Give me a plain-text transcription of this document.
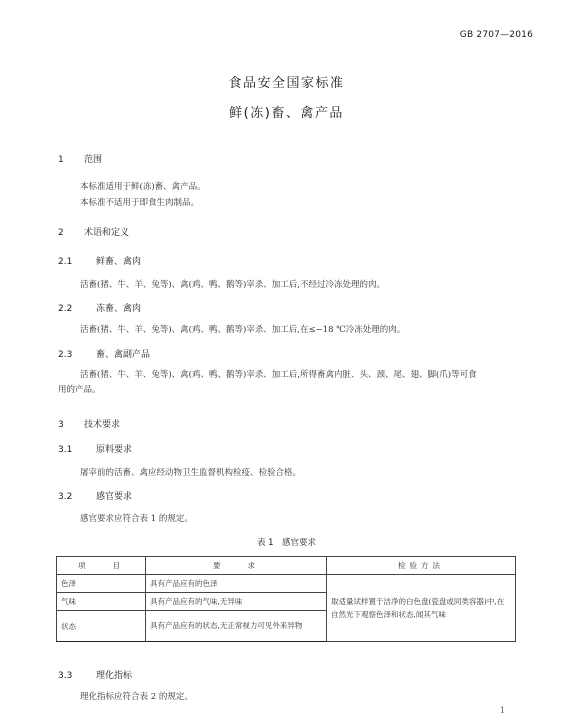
GB 2707—2016
食品安全国家标准
鲜(冻)畜、禽产品
1 范围
本标准适用于鲜(冻)畜、禽产品。
本标准不适用于即食生肉制品。
2 术语和定义
2.1	鲜畜、禽肉
活畜(猪、牛、羊、兔等)、禽(鸡、鸭、鹅等)宰杀、加工后,不经过冷冻处理的肉。
2.2	冻畜、禽肉
活畜(猪、牛、羊、兔等)、禽(鸡、鸭、鹅等)宰杀、加工后,在≤−18 ℃冷冻处理的肉。
2.3	畜、禽副产品
活畜(猪、牛、羊、兔等)、禽(鸡、鸭、鹅等)宰杀、加工后,所得畜禽内脏、头、颈、尾、翅、脚(爪)等可食
用的产品。
3 技术要求
3.1	原料要求
屠宰前的活畜、禽应经动物卫生监督机构检疫、检验合格。
3.2	感官要求
感官要求应符合表 1 的规定。
表 1　感官要求
项　　目	要　　求	检验方法
色泽	具有产品应有的色泽	取适量试样置于洁净的白色盘(瓷盘或同类容器)中,在自然光下观察色泽和状态,闻其气味
气味	具有产品应有的气味,无异味	
状态	具有产品应有的状态,无正常视力可见外来异物	
3.3	理化指标
理化指标应符合表 2 的规定。
1
